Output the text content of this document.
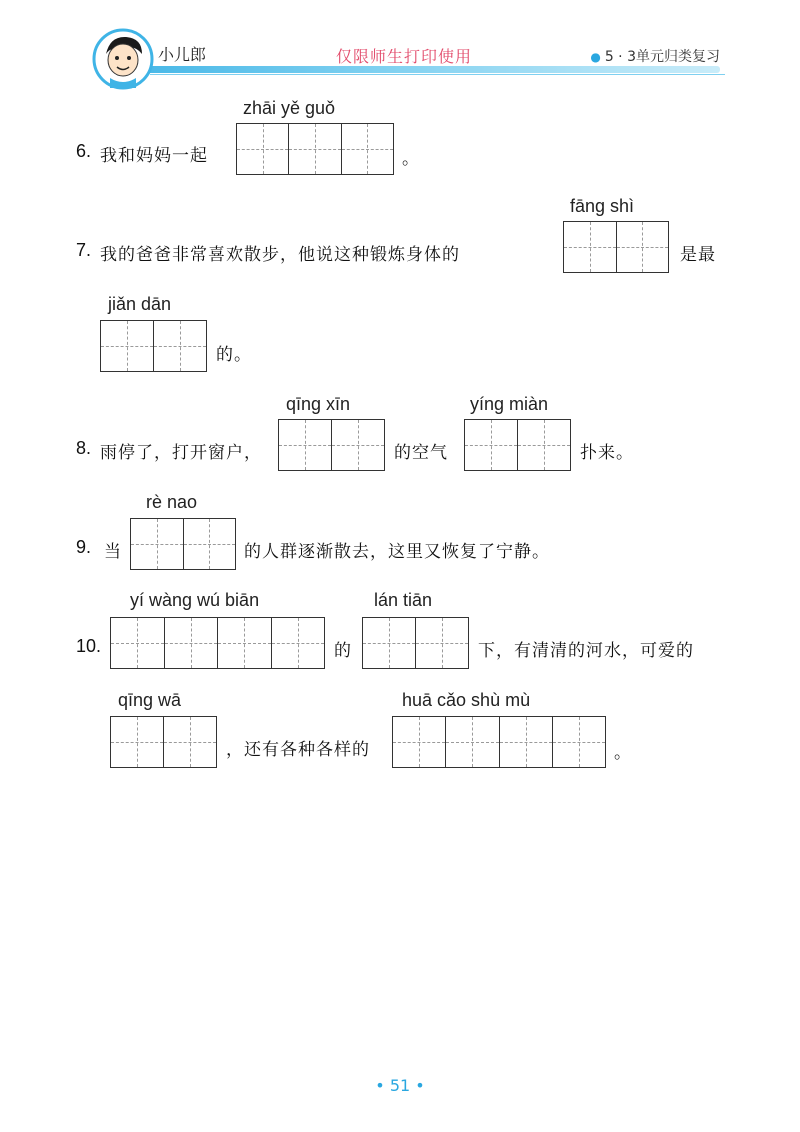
小儿郎	仅限师生打印使用	● 5 · 3单元归类复习
zhāi yě guǒ
6. 我和妈妈一起	。
fāng shì
7. 我的爸爸非常喜欢散步，他说这种锻炼身体的	是最
jiǎn dān
的。
qīng xīn	yíng miàn
8. 雨停了，打开窗户，	的空气	扑来。
rè nao
9. 当	的人群逐渐散去，这里又恢复了宁静。
yí wàng wú biān	lán tiān
10.	的	下，有清清的河水，可爱的
qīng wā	huā cǎo shù mù
，还有各种各样的	。
• 51 •
